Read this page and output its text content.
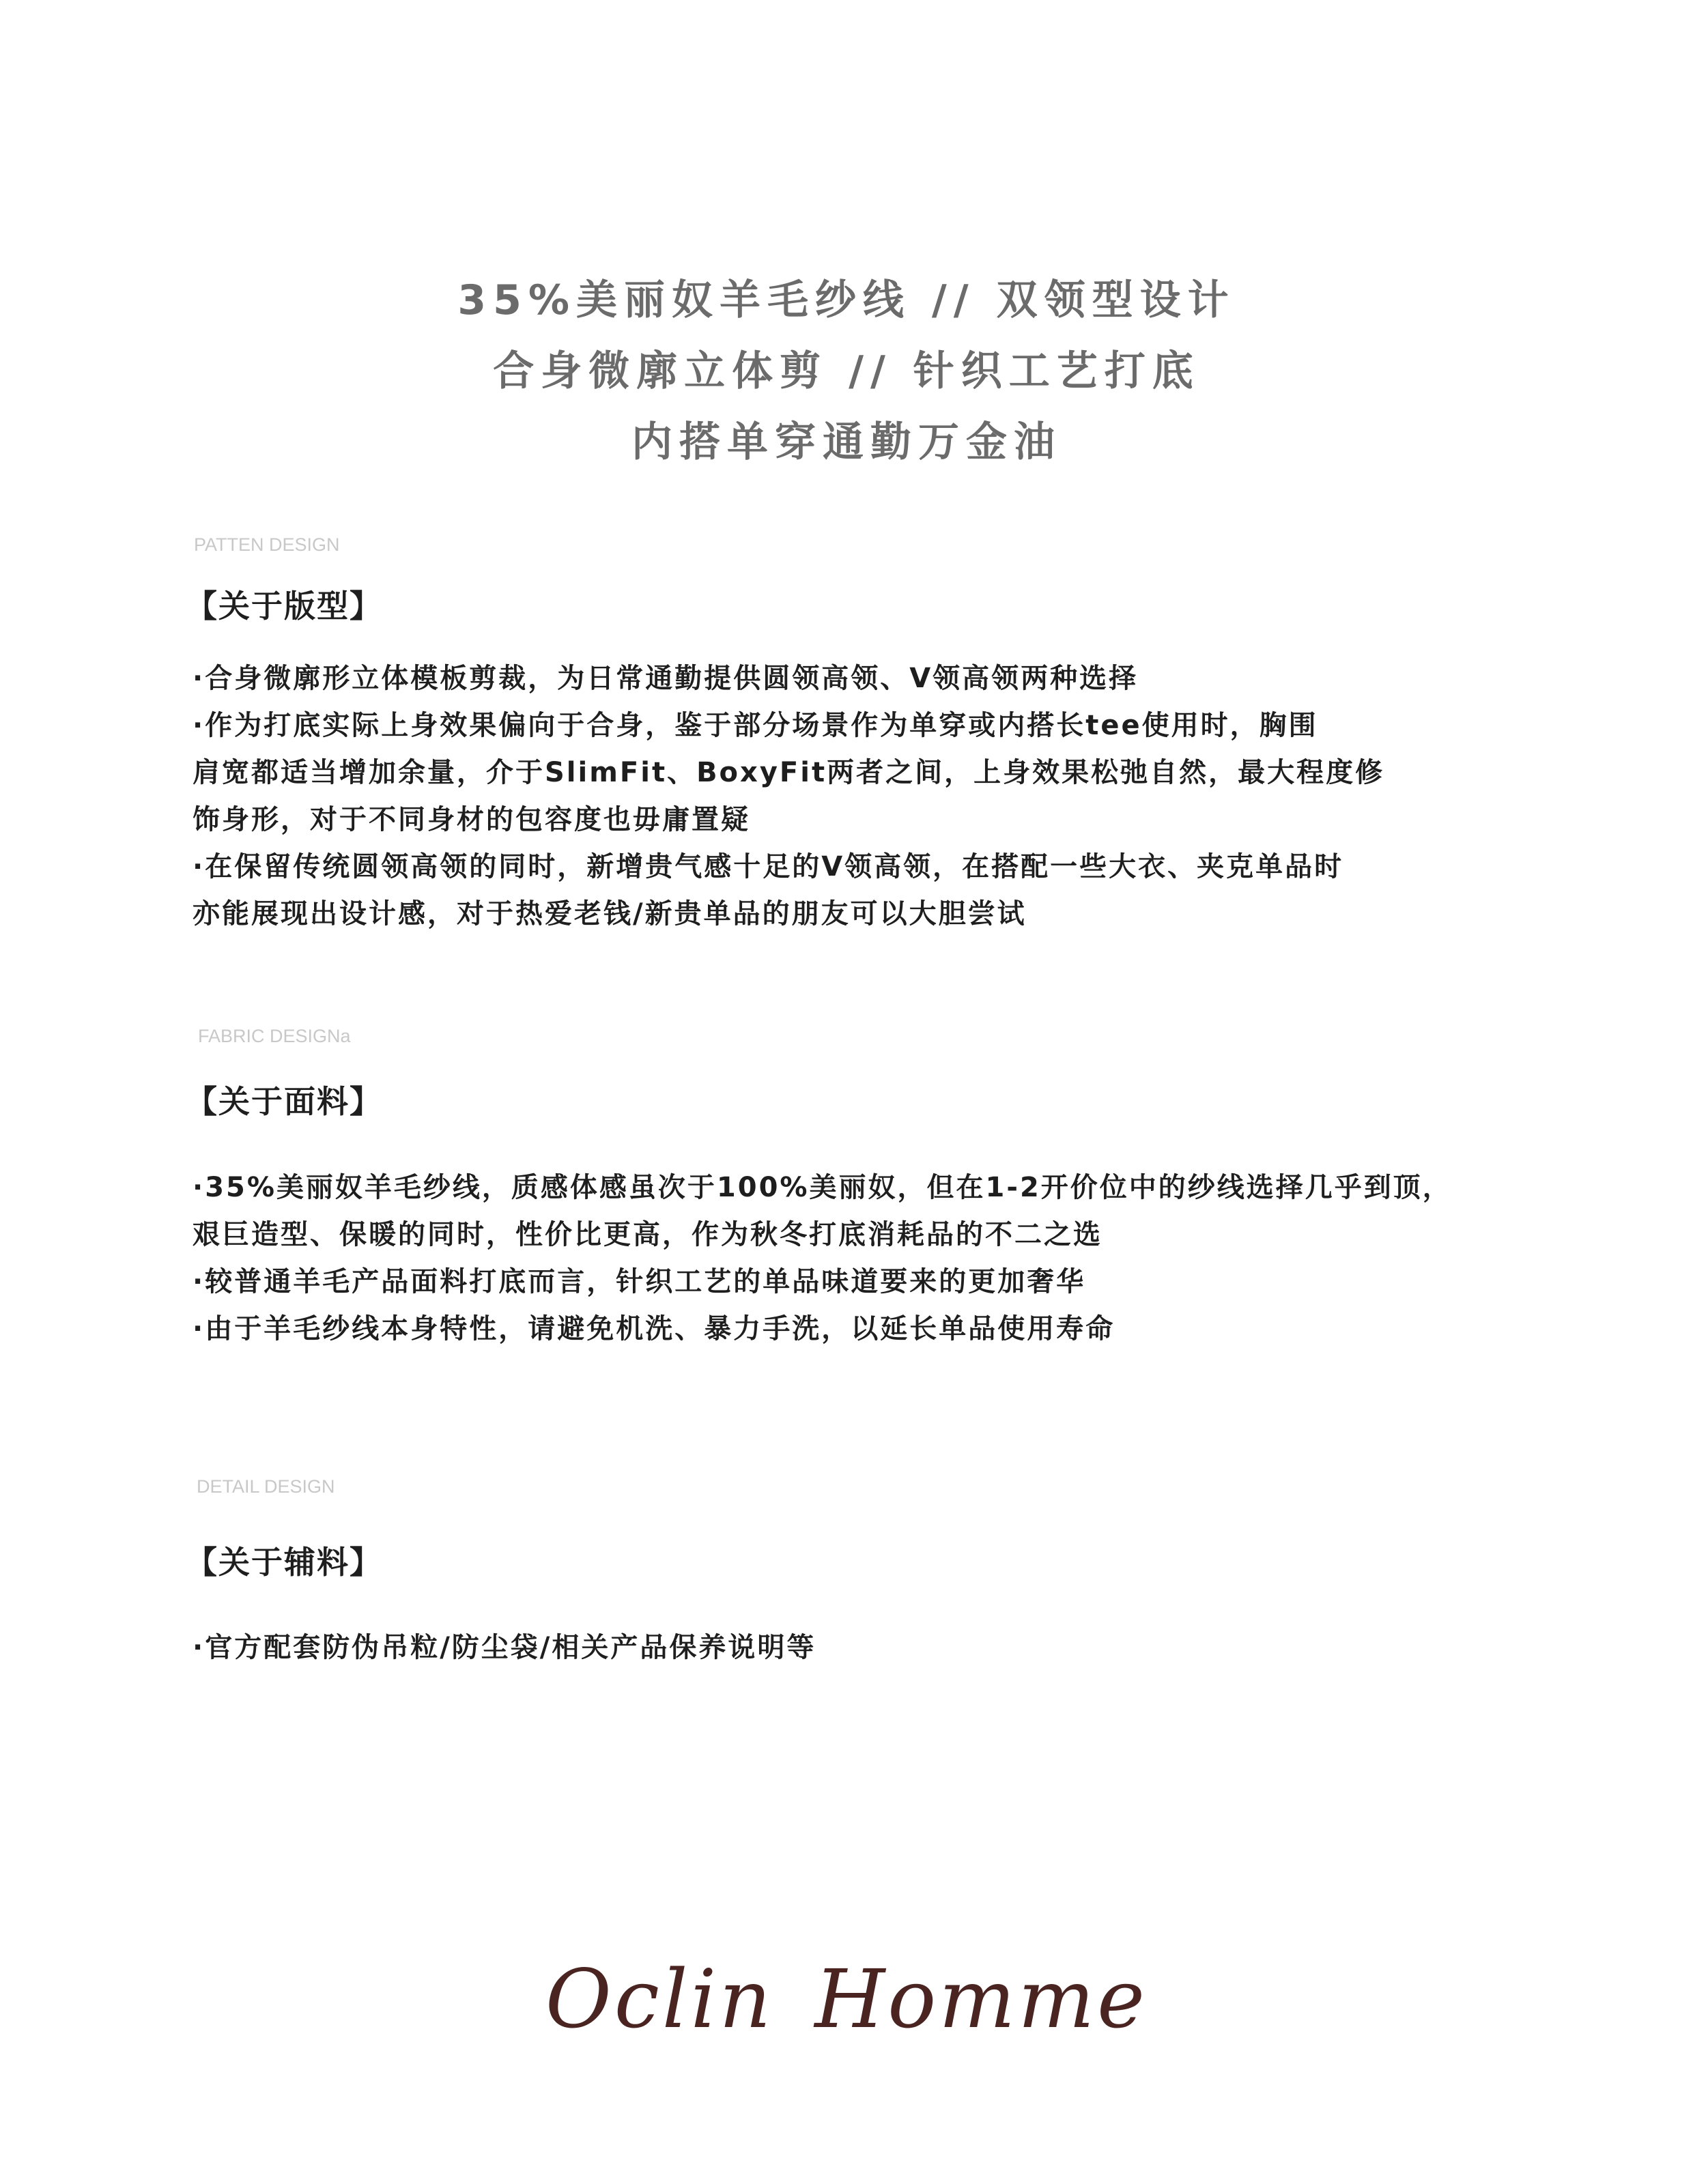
35%美丽奴羊毛纱线 // 双领型设计
合身微廓立体剪 // 针织工艺打底
内搭单穿通勤万金油
PATTEN DESIGN
【关于版型】

·合身微廓形立体模板剪裁，为日常通勤提供圆领高领、V领高领两种选择

·作为打底实际上身效果偏向于合身，鉴于部分场景作为单穿或内搭长tee使用时，胸围

肩宽都适当增加余量，介于SlimFit、BoxyFit两者之间，上身效果松弛自然，最大程度修

饰身形，对于不同身材的包容度也毋庸置疑

·在保留传统圆领高领的同时，新增贵气感十足的V领高领，在搭配一些大衣、夹克单品时

亦能展现出设计感，对于热爱老钱/新贵单品的朋友可以大胆尝试

FABRIC DESIGNa
【关于面料】

·35%美丽奴羊毛纱线，质感体感虽次于100%美丽奴，但在1-2开价位中的纱线选择几乎到顶，

艰巨造型、保暖的同时，性价比更高，作为秋冬打底消耗品的不二之选

·较普通羊毛产品面料打底而言，针织工艺的单品味道要来的更加奢华

·由于羊毛纱线本身特性，请避免机洗、暴力手洗，以延长单品使用寿命

DETAIL DESIGN
【关于辅料】

·官方配套防伪吊粒/防尘袋/相关产品保养说明等

Oclin Homme
